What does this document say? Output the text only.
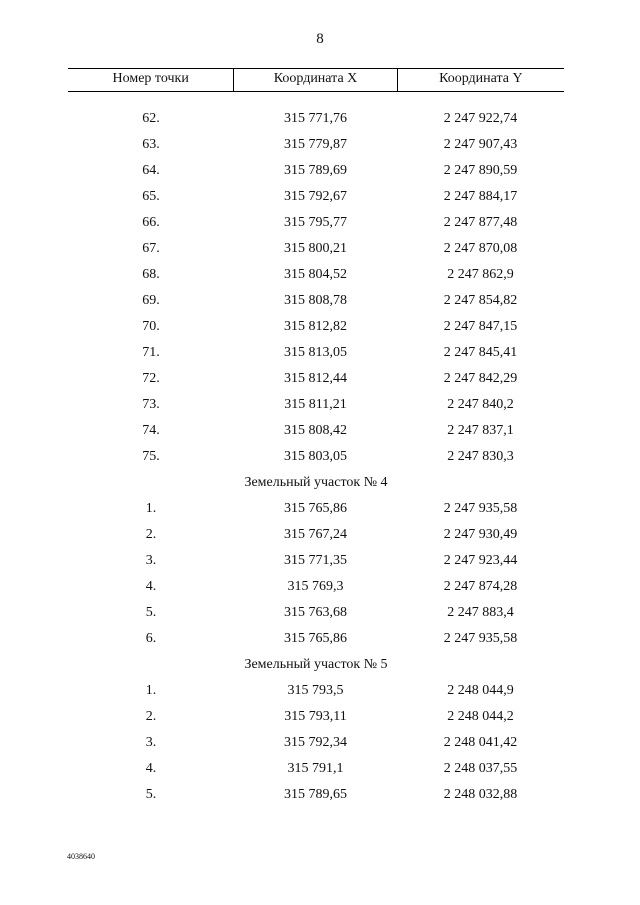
8
Номер точки	Координата X	Координата Y
62.	315 771,76	2 247 922,74
63.	315 779,87	2 247 907,43
64.	315 789,69	2 247 890,59
65.	315 792,67	2 247 884,17
66.	315 795,77	2 247 877,48
67.	315 800,21	2 247 870,08
68.	315 804,52	2 247 862,9
69.	315 808,78	2 247 854,82
70.	315 812,82	2 247 847,15
71.	315 813,05	2 247 845,41
72.	315 812,44	2 247 842,29
73.	315 811,21	2 247 840,2
74.	315 808,42	2 247 837,1
75.	315 803,05	2 247 830,3
Земельный участок № 4
1.	315 765,86	2 247 935,58
2.	315 767,24	2 247 930,49
3.	315 771,35	2 247 923,44
4.	315 769,3	2 247 874,28
5.	315 763,68	2 247 883,4
6.	315 765,86	2 247 935,58
Земельный участок № 5
1.	315 793,5	2 248 044,9
2.	315 793,11	2 248 044,2
3.	315 792,34	2 248 041,42
4.	315 791,1	2 248 037,55
5.	315 789,65	2 248 032,88
4038640
